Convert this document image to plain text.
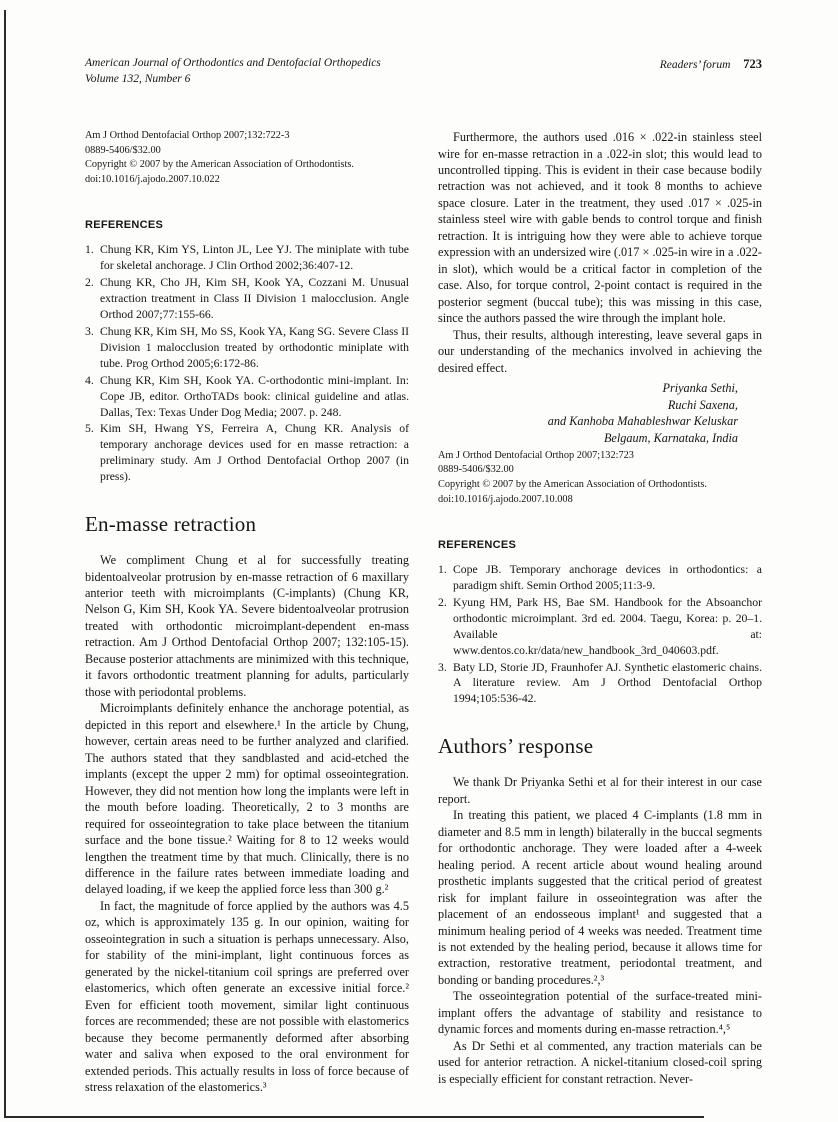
American Journal of Orthodontics and Dentofacial Orthopedics
Volume 132, Number 6
Readers’ forum 723
Am J Orthod Dentofacial Orthop 2007;132:722-3
0889-5406/$32.00
Copyright © 2007 by the American Association of Orthodontists.
doi:10.1016/j.ajodo.2007.10.022
REFERENCES
1. Chung KR, Kim YS, Linton JL, Lee YJ. The miniplate with tube for skeletal anchorage. J Clin Orthod 2002;36:407-12.
2. Chung KR, Cho JH, Kim SH, Kook YA, Cozzani M. Unusual extraction treatment in Class II Division 1 malocclusion. Angle Orthod 2007;77:155-66.
3. Chung KR, Kim SH, Mo SS, Kook YA, Kang SG. Severe Class II Division 1 malocclusion treated by orthodontic miniplate with tube. Prog Orthod 2005;6:172-86.
4. Chung KR, Kim SH, Kook YA. C-orthodontic mini-implant. In: Cope JB, editor. OrthoTADs book: clinical guideline and atlas. Dallas, Tex: Texas Under Dog Media; 2007. p. 248.
5. Kim SH, Hwang YS, Ferreira A, Chung KR. Analysis of temporary anchorage devices used for en masse retraction: a preliminary study. Am J Orthod Dentofacial Orthop 2007 (in press).
En-masse retraction

We compliment Chung et al for successfully treating bidentoalveolar protrusion by en-masse retraction of 6 maxillary anterior teeth with microimplants (C-implants) (Chung KR, Nelson G, Kim SH, Kook YA. Severe bidentoalveolar protrusion treated with orthodontic microimplant-dependent en-mass retraction. Am J Orthod Dentofacial Orthop 2007; 132:105-15). Because posterior attachments are minimized with this technique, it favors orthodontic treatment planning for adults, particularly those with periodontal problems.

Microimplants definitely enhance the anchorage potential, as depicted in this report and elsewhere.¹ In the article by Chung, however, certain areas need to be further analyzed and clarified. The authors stated that they sandblasted and acid-etched the implants (except the upper 2 mm) for optimal osseointegration. However, they did not mention how long the implants were left in the mouth before loading. Theoretically, 2 to 3 months are required for osseointegration to take place between the titanium surface and the bone tissue.² Waiting for 8 to 12 weeks would lengthen the treatment time by that much. Clinically, there is no difference in the failure rates between immediate loading and delayed loading, if we keep the applied force less than 300 g.²

In fact, the magnitude of force applied by the authors was 4.5 oz, which is approximately 135 g. In our opinion, waiting for osseointegration in such a situation is perhaps unnecessary. Also, for stability of the mini-implant, light continuous forces as generated by the nickel-titanium coil springs are preferred over elastomerics, which often generate an excessive initial force.² Even for efficient tooth movement, similar light continuous forces are recommended; these are not possible with elastomerics because they become permanently deformed after absorbing water and saliva when exposed to the oral environment for extended periods. This actually results in loss of force because of stress relaxation of the elastomerics.³

Furthermore, the authors used .016 × .022-in stainless steel wire for en-masse retraction in a .022-in slot; this would lead to uncontrolled tipping. This is evident in their case because bodily retraction was not achieved, and it took 8 months to achieve space closure. Later in the treatment, they used .017 × .025-in stainless steel wire with gable bends to control torque and finish retraction. It is intriguing how they were able to achieve torque expression with an undersized wire (.017 × .025-in wire in a .022-in slot), which would be a critical factor in completion of the case. Also, for torque control, 2-point contact is required in the posterior segment (buccal tube); this was missing in this case, since the authors passed the wire through the implant hole.

Thus, their results, although interesting, leave several gaps in our understanding of the mechanics involved in achieving the desired effect.

Priyanka Sethi,
Ruchi Saxena,
and Kanhoba Mahableshwar Keluskar
Belgaum, Karnataka, India
Am J Orthod Dentofacial Orthop 2007;132:723
0889-5406/$32.00
Copyright © 2007 by the American Association of Orthodontists.
doi:10.1016/j.ajodo.2007.10.008
REFERENCES
1. Cope JB. Temporary anchorage devices in orthodontics: a paradigm shift. Semin Orthod 2005;11:3-9.
2. Kyung HM, Park HS, Bae SM. Handbook for the Absoanchor orthodontic microimplant. 3rd ed. 2004. Taegu, Korea: p. 20–1. Available at: www.dentos.co.kr/data/new_handbook_3rd_040603.pdf.
3. Baty LD, Storie JD, Fraunhofer AJ. Synthetic elastomeric chains. A literature review. Am J Orthod Dentofacial Orthop 1994;105:536-42.
Authors’ response

We thank Dr Priyanka Sethi et al for their interest in our case report.

In treating this patient, we placed 4 C-implants (1.8 mm in diameter and 8.5 mm in length) bilaterally in the buccal segments for orthodontic anchorage. They were loaded after a 4-week healing period. A recent article about wound healing around prosthetic implants suggested that the critical period of greatest risk for implant failure in osseointegration was after the placement of an endosseous implant¹ and suggested that a minimum healing period of 4 weeks was needed. Treatment time is not extended by the healing period, because it allows time for extraction, restorative treatment, periodontal treatment, and bonding or banding procedures.²,³

The osseointegration potential of the surface-treated mini-implant offers the advantage of stability and resistance to dynamic forces and moments during en-masse retraction.⁴,⁵

As Dr Sethi et al commented, any traction materials can be used for anterior retraction. A nickel-titanium closed-coil spring is especially efficient for constant retraction. Never-
